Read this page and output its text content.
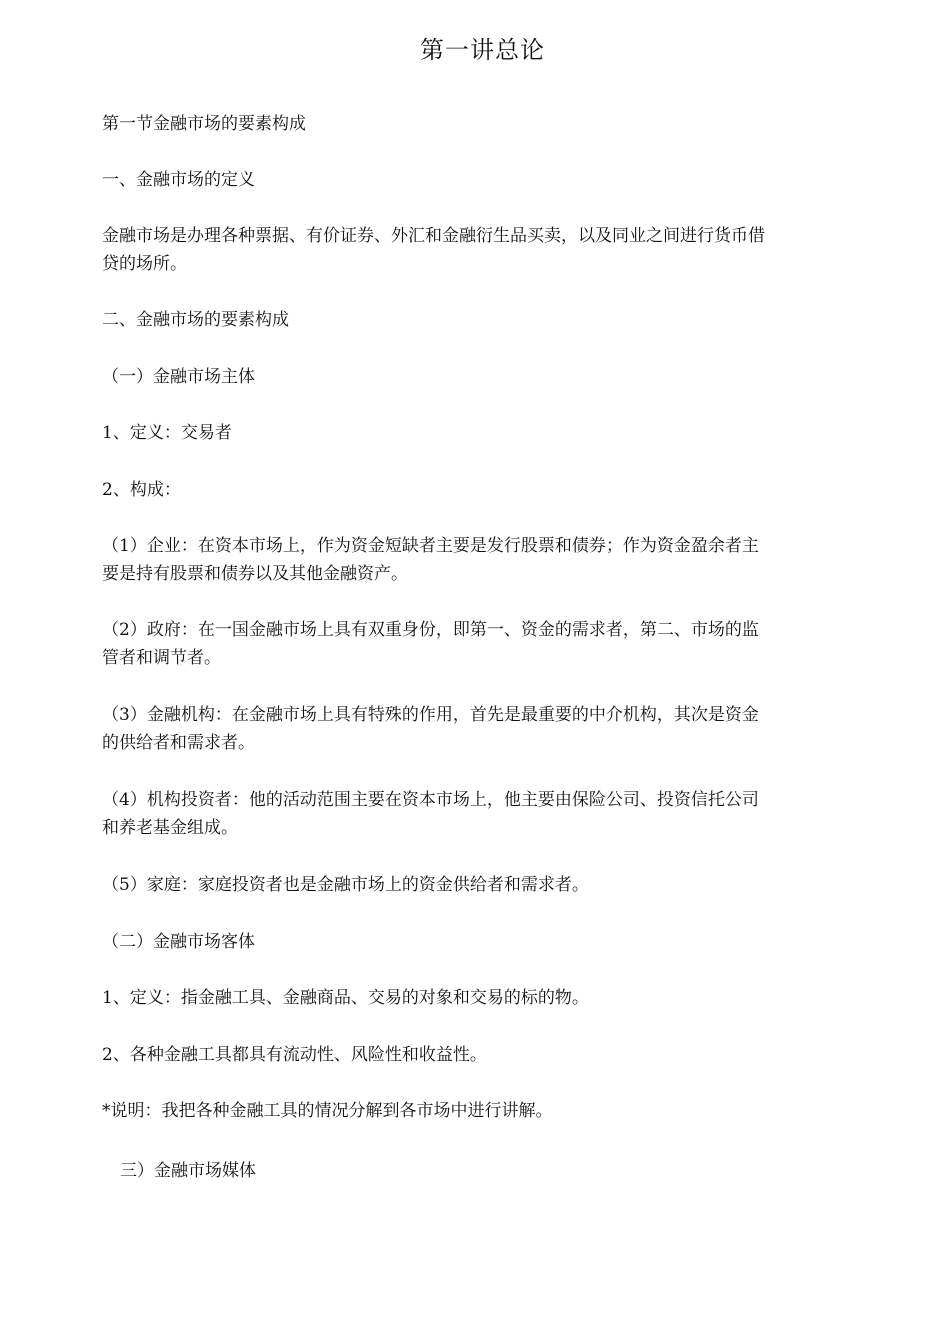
第一讲总论
第一节金融市场的要素构成
一、金融市场的定义
金融市场是办理各种票据、有价证券、外汇和金融衍生品买卖，以及同业之间进行货币借
贷的场所。
二、金融市场的要素构成
（一）金融市场主体
1、定义：交易者
2、构成：
（1）企业：在资本市场上，作为资金短缺者主要是发行股票和债券；作为资金盈余者主
要是持有股票和债券以及其他金融资产。
（2）政府：在一国金融市场上具有双重身份，即第一、资金的需求者，第二、市场的监
管者和调节者。
（3）金融机构：在金融市场上具有特殊的作用，首先是最重要的中介机构，其次是资金
的供给者和需求者。
（4）机构投资者：他的活动范围主要在资本市场上，他主要由保险公司、投资信托公司
和养老基金组成。
（5）家庭：家庭投资者也是金融市场上的资金供给者和需求者。
（二）金融市场客体
1、定义：指金融工具、金融商品、交易的对象和交易的标的物。
2、各种金融工具都具有流动性、风险性和收益性。
*说明：我把各种金融工具的情况分解到各市场中进行讲解。
三）金融市场媒体
